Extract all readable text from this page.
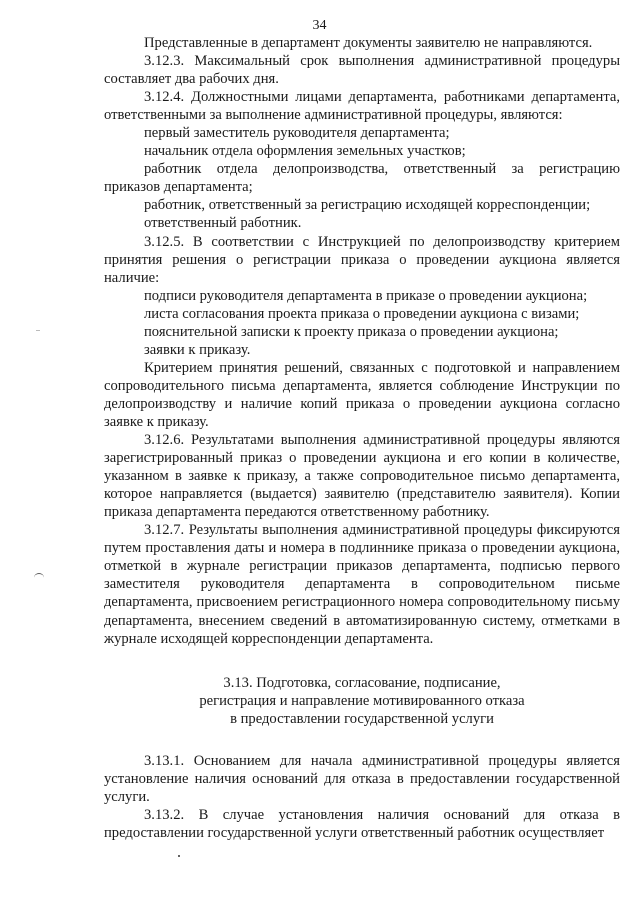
34

Представленные в департамент документы заявителю не направляются.

3.12.3. Максимальный срок выполнения административной процедуры составляет два рабочих дня.

3.12.4. Должностными лицами департамента, работниками департамента, ответственными за выполнение административной процедуры, являются:

первый заместитель руководителя департамента;

начальник отдела оформления земельных участков;

работник отдела делопроизводства, ответственный за регистрацию приказов департамента;

работник, ответственный за регистрацию исходящей корреспонденции;

ответственный работник.

3.12.5. В соответствии с Инструкцией по делопроизводству критерием принятия решения о регистрации приказа о проведении аукциона является наличие:

подписи руководителя департамента в приказе о проведении аукциона;

листа согласования проекта приказа о проведении аукциона с визами;

пояснительной записки к проекту приказа о проведении аукциона;

заявки к приказу.

Критерием принятия решений, связанных с подготовкой и направлением сопроводительного письма департамента, является соблюдение Инструкции по делопроизводству и наличие копий приказа о проведении аукциона согласно заявке к приказу.

3.12.6. Результатами выполнения административной процедуры являются зарегистрированный приказ о проведении аукциона и его копии в количестве, указанном в заявке к приказу, а также сопроводительное письмо департамента, которое направляется (выдается) заявителю (представителю заявителя). Копии приказа департамента передаются ответственному работнику.

3.12.7. Результаты выполнения административной процедуры фиксируются путем проставления даты и номера в подлиннике приказа о проведении аукциона, отметкой в журнале регистрации приказов департамента, подписью первого заместителя руководителя департамента в сопроводительном письме департамента, присвоением регистрационного номера сопроводительному письму департамента, внесением сведений в автоматизированную систему, отметками в журнале исходящей корреспонденции департамента.

3.13. Подготовка, согласование, подписание,
регистрация и направление мотивированного отказа
в предоставлении государственной услуги

3.13.1. Основанием для начала административной процедуры является установление наличия оснований для отказа в предоставлении государственной услуги.

3.13.2. В случае установления наличия оснований для отказа в предоставлении государственной услуги ответственный работник осуществляет
